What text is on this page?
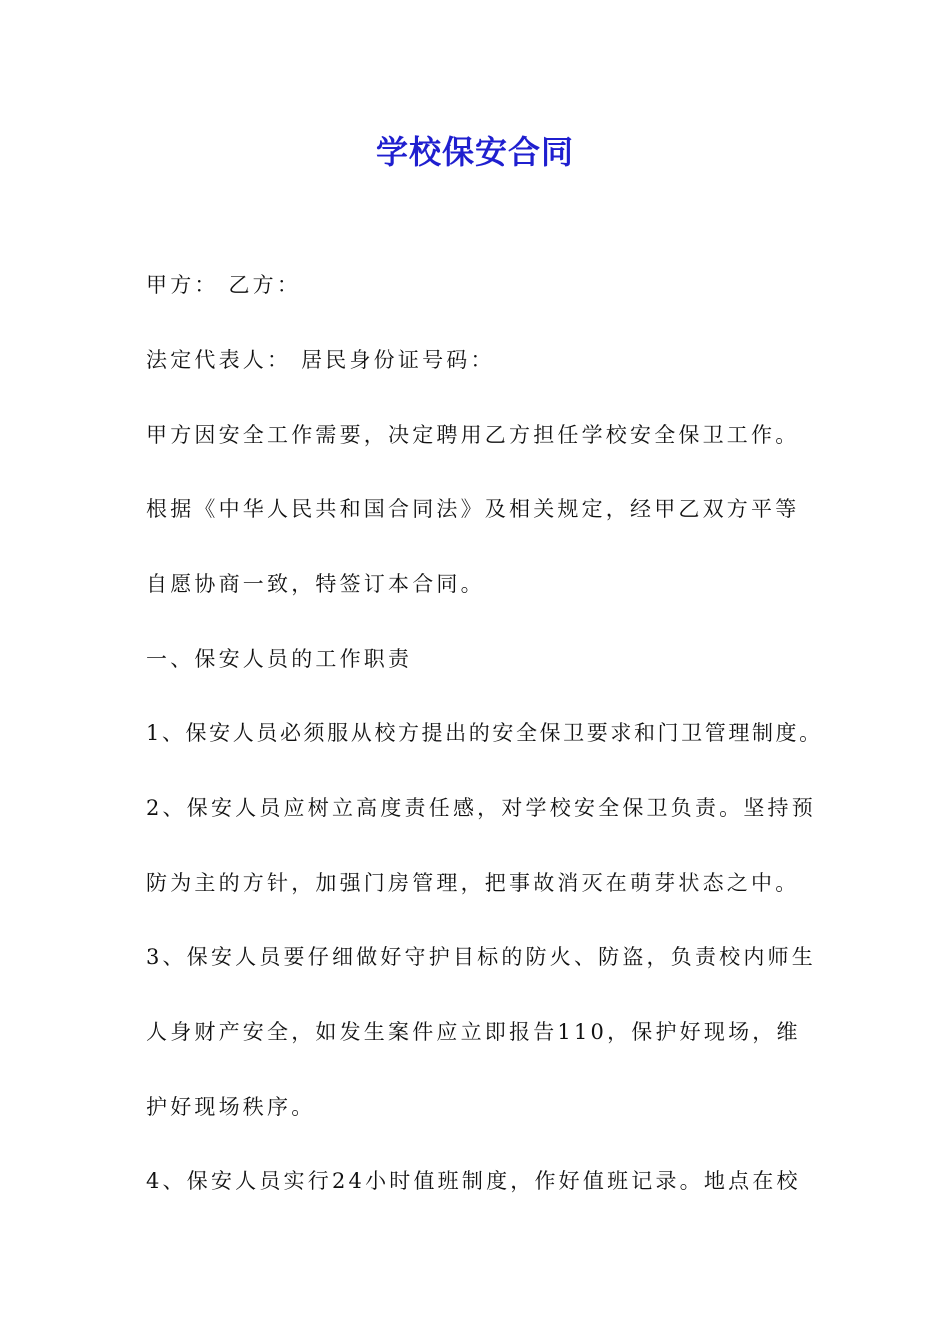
学校保安合同
甲方： 乙方：
法定代表人： 居民身份证号码：
甲方因安全工作需要，决定聘用乙方担任学校安全保卫工作。
根据《中华人民共和国合同法》及相关规定，经甲乙双方平等
自愿协商一致，特签订本合同。
一、保安人员的工作职责
1、保安人员必须服从校方提出的安全保卫要求和门卫管理制度。
2、保安人员应树立高度责任感，对学校安全保卫负责。坚持预
防为主的方针，加强门房管理，把事故消灭在萌芽状态之中。
3、保安人员要仔细做好守护目标的防火、防盗，负责校内师生
人身财产安全，如发生案件应立即报告110，保护好现场，维
护好现场秩序。
4、保安人员实行24小时值班制度，作好值班记录。地点在校
